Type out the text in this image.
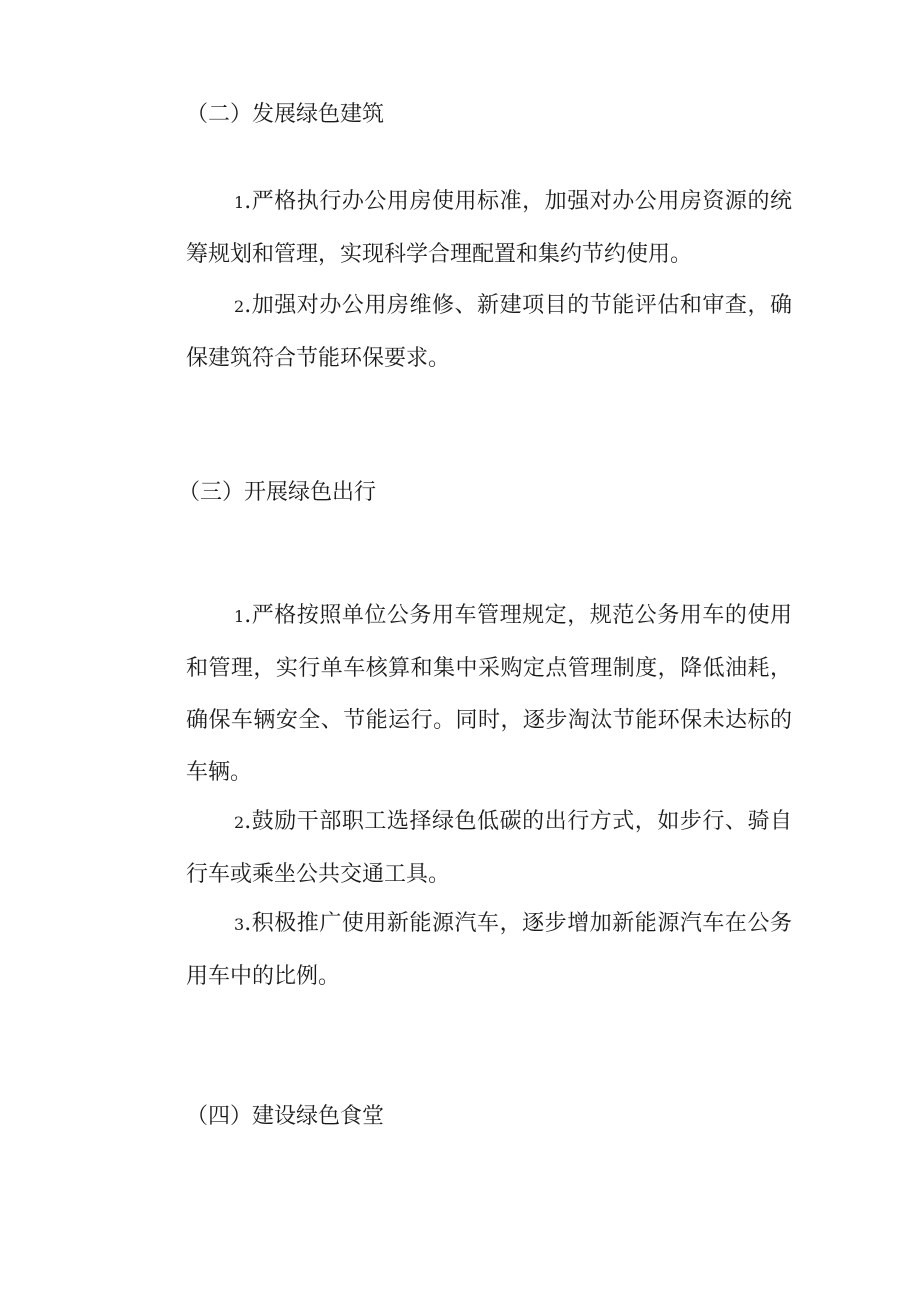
（二）发展绿色建筑

1.严格执行办公用房使用标准，加强对办公用房资源的统筹规划和管理，实现科学合理配置和集约节约使用。

2.加强对办公用房维修、新建项目的节能评估和审查，确保建筑符合节能环保要求。

（三）开展绿色出行

1.严格按照单位公务用车管理规定，规范公务用车的使用和管理，实行单车核算和集中采购定点管理制度，降低油耗，确保车辆安全、节能运行。同时，逐步淘汰节能环保未达标的车辆。

2.鼓励干部职工选择绿色低碳的出行方式，如步行、骑自行车或乘坐公共交通工具。

3.积极推广使用新能源汽车，逐步增加新能源汽车在公务用车中的比例。

（四）建设绿色食堂
